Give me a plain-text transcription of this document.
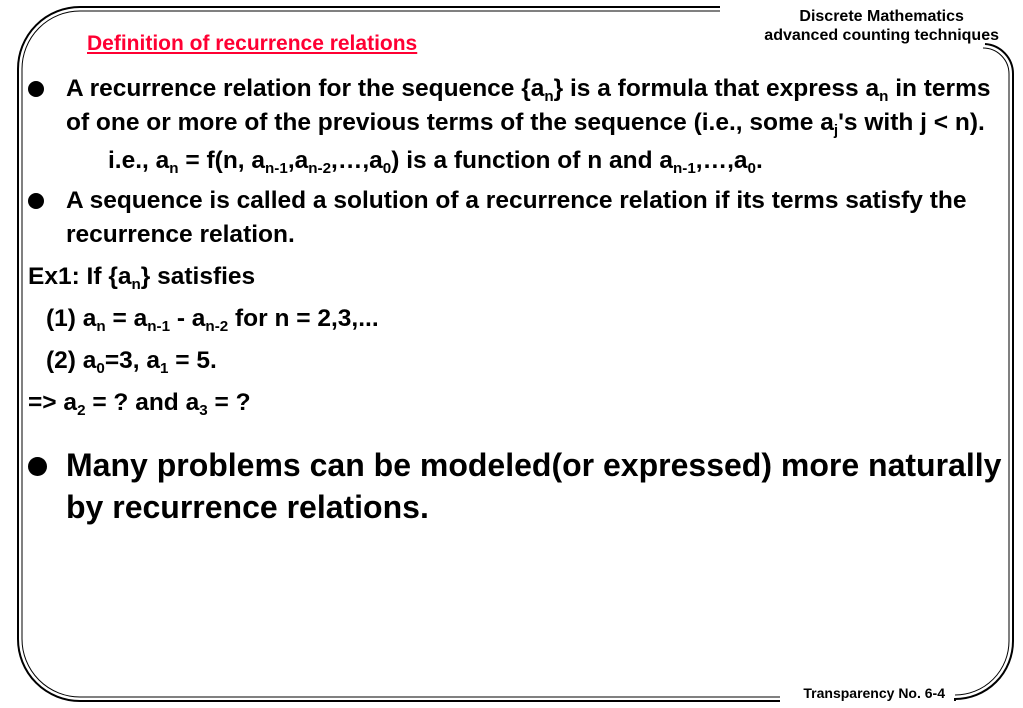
Discrete Mathematics
advanced counting techniques
Definition of recurrence relations
A recurrence relation for the sequence $\{a_n\}$ is a formula that express $a_n$ in terms of one or more of the previous terms of the sequence (i.e., some $a_j's$ with j < n).
i.e., $a_n = f(n$, $a_{n-1},a_{n-2},\dots,a_0$) is a function of n and $a_{n-1},\dots,a_0$.
A sequence is called a solution of a recurrence relation if its terms satisfy the recurrence relation.
Ex1: If $\{a_n\}$ satisfies
(1) $a_n = a_{n-1} - a_{n-2}$ for n = 2,3,...
(2) $a_0=3$, $a_1 = 5$.
=> $a_2$ = ? and $a_3$ = ?
Many problems can be modeled(or expressed) more naturally by recurrence relations.
Transparency No. 6-4
